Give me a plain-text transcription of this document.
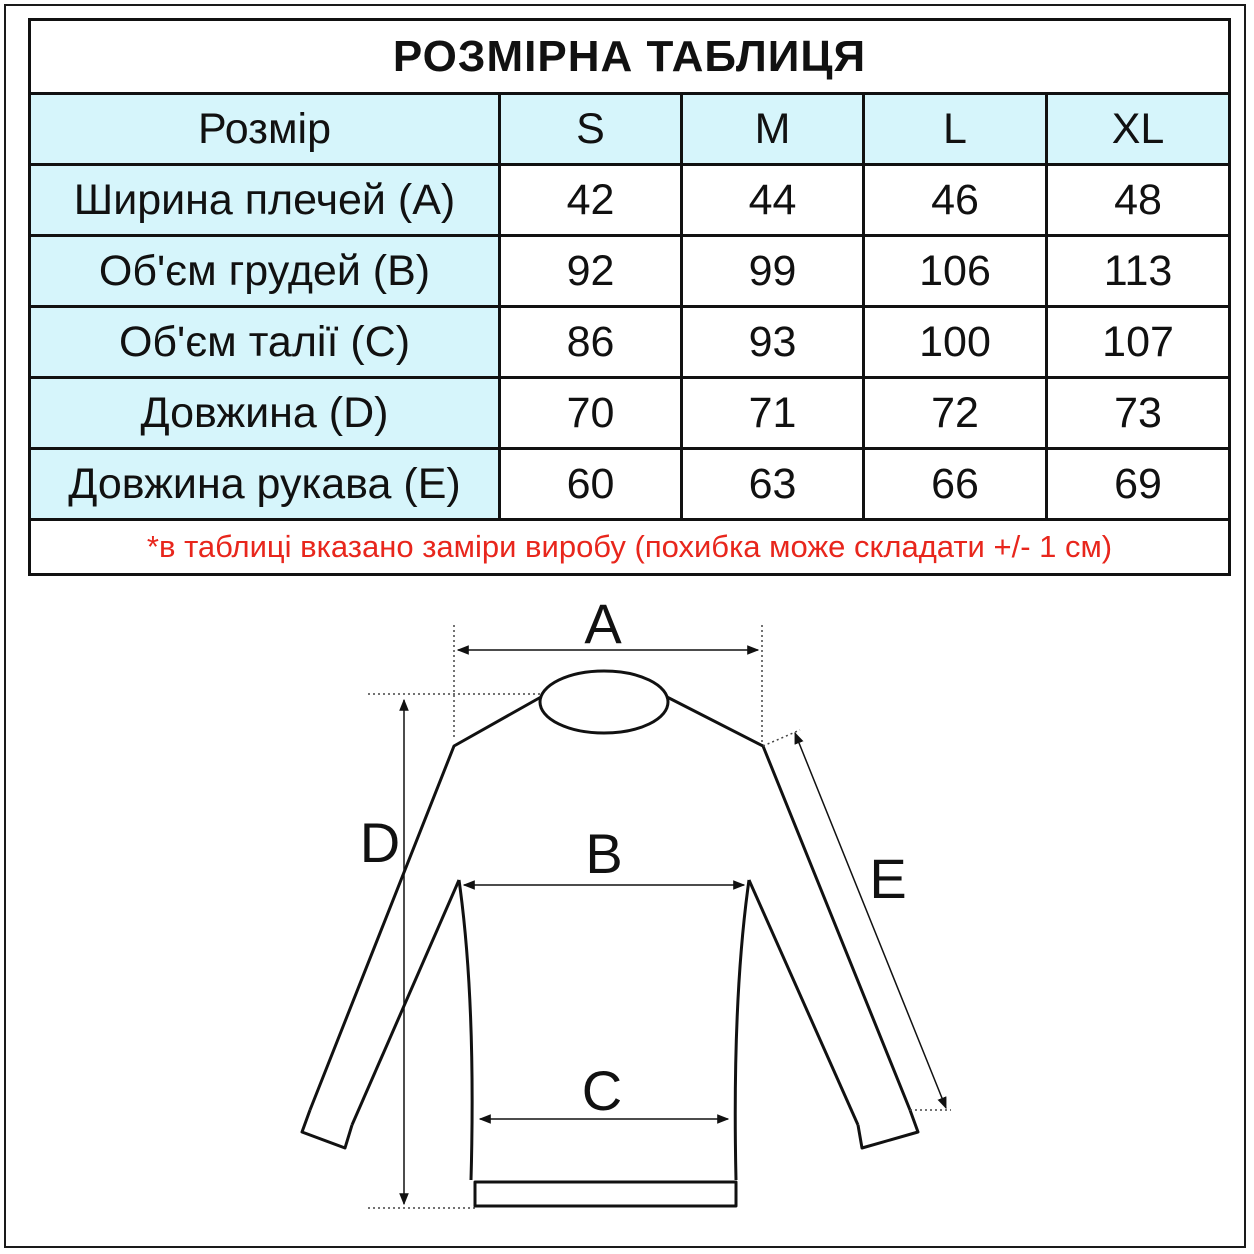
РОЗМІРНА ТАБЛИЦЯ				
Розмір	S	M	L	XL
Ширина плечей (А)	42	44	46	48
Об'єм грудей (В)	92	99	106	113
Об'єм талії (С)	86	93	100	107
Довжина (D)	70	71	72	73
Довжина рукава (Е)	60	63	66	69
*в таблиці вказано заміри виробу (похибка може складати +/- 1 см)				
A
B
C
D
E
